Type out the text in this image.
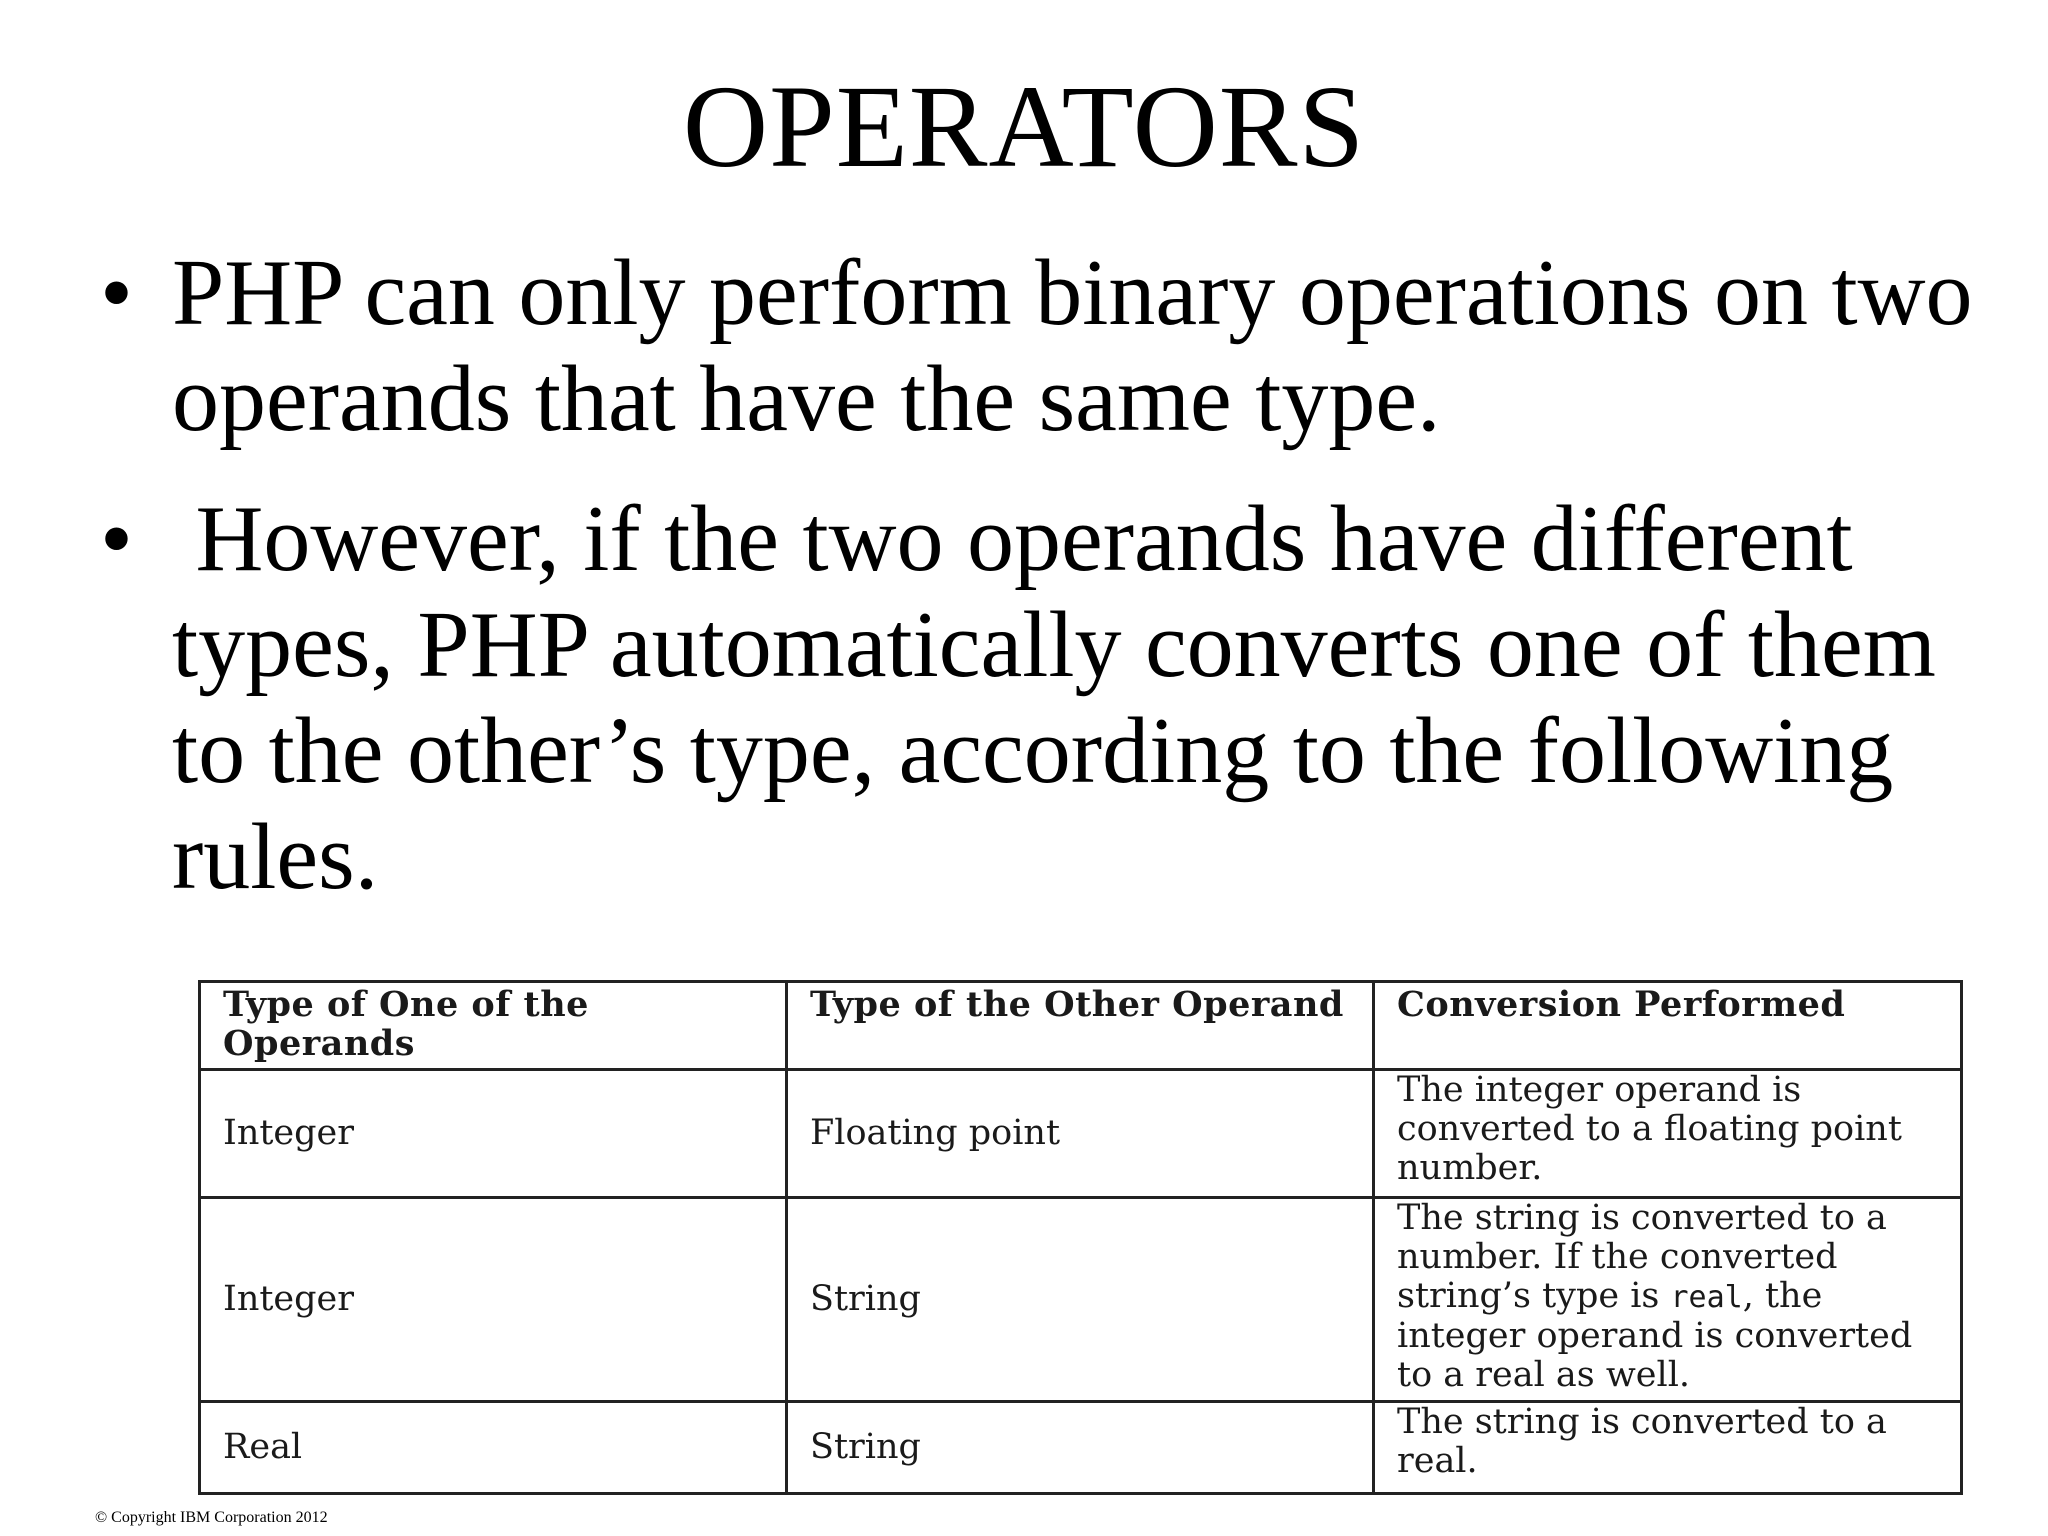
OPERATORS
• PHP can only perform binary operations on two operands that have the same type.
• However, if the two operands have different types, PHP automatically converts one of them to the other’s type, according to the following rules.
Type of One of the Operands	Type of the Other Operand	Conversion Performed
Integer	Floating point	The integer operand is converted to a floating point number.
Integer	String	The string is converted to a number. If the converted string’s type is real, the integer operand is converted to a real as well.
Real	String	The string is converted to a real.
© Copyright IBM Corporation 2012
